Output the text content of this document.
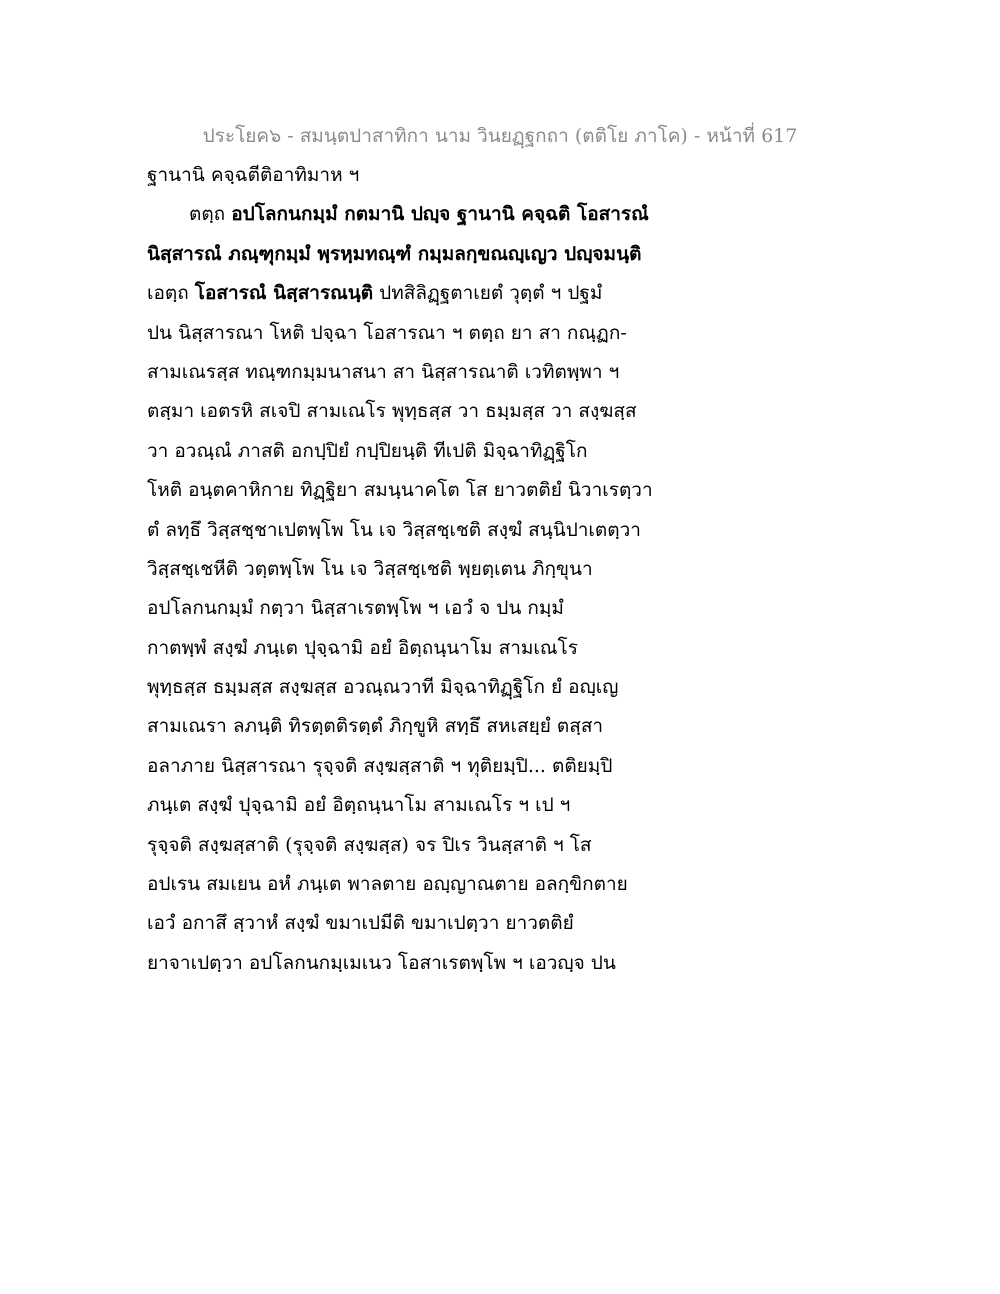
ประโยค๖ - สมนฺตปาสาทิกา นาม วินยฏฺฐกถา (ตติโย ภาโค) - หน้าที่ 617
ฐานานิ คจฺฉตีติอาทิมาห ฯ
ตตฺถ อปโลกนกมฺมํ กตมานิ ปญฺจ ฐานานิ คจฺฉติ โอสารณํ
นิสฺสารณํ ภณฺฑุกมฺมํ พฺรหฺมทณฺฑํ กมฺมลกฺขณญฺเญว ปญฺจมนฺติ
เอตฺถ โอสารณํ นิสฺสารณนฺติ ปทสิลิฏฺฐตาเยตํ วุตฺตํ ฯ ปฐมํ
ปน นิสฺสารณา โหติ ปจฺฉา โอสารณา ฯ ตตฺถ ยา สา กณฺฏก-
สามเณรสฺส ทณฺฑกมฺมนาสนา สา นิสฺสารณาติ เวทิตพฺพา ฯ
ตสฺมา เอตรหิ สเจปิ สามเณโร พุทฺธสฺส วา ธมฺมสฺส วา สงฺฆสฺส
วา อวณฺณํ ภาสติ อกปฺปิยํ กปฺปิยนฺติ ทีเปติ มิจฺฉาทิฏฺฐิโก
โหติ อนฺตคาหิกาย ทิฏฺฐิยา สมนฺนาคโต โส ยาวตติยํ นิวาเรตฺวา
ตํ ลทฺธึ วิสฺสชฺชาเปตพฺโพ โน เจ วิสฺสชฺเชติ สงฺฆํ สนฺนิปาเตตฺวา
วิสฺสชฺเชหีติ วตฺตพฺโพ โน เจ วิสฺสชฺเชติ พฺยตฺเตน ภิกฺขุนา
อปโลกนกมฺมํ กตฺวา นิสฺสาเรตพฺโพ ฯ เอวํ จ ปน กมฺมํ
กาตพฺพํ สงฺฆํ ภนฺเต ปุจฺฉามิ อยํ อิตฺถนฺนาโม สามเณโร
พุทฺธสฺส ธมฺมสฺส สงฺฆสฺส อวณฺณวาที มิจฺฉาทิฏฺฐิโก ยํ อญฺเญ
สามเณรา ลภนฺติ ทิรตฺตติรตฺตํ ภิกฺขูหิ สทฺธึ สหเสยฺยํ ตสฺสา
อลาภาย นิสฺสารณา รุจฺจติ สงฺฆสฺสาติ ฯ ทุติยมฺปิ... ตติยมฺปิ
ภนฺเต สงฺฆํ ปุจฺฉามิ อยํ อิตฺถนฺนาโม สามเณโร ฯ เป ฯ
รุจฺจติ สงฺฆสฺสาติ (รุจฺจติ สงฺฆสฺส) จร ปิเร วินสฺสาติ ฯ โส
อปเรน สมเยน อหํ ภนฺเต พาลตาย อญฺญาณตาย อลกฺขิกตาย
เอวํ อกาสึ สฺวาหํ สงฺฆํ ขมาเปมีติ ขมาเปตฺวา ยาวตติยํ
ยาจาเปตฺวา อปโลกนกมฺเมเนว โอสาเรตพฺโพ ฯ เอวญฺจ ปน
